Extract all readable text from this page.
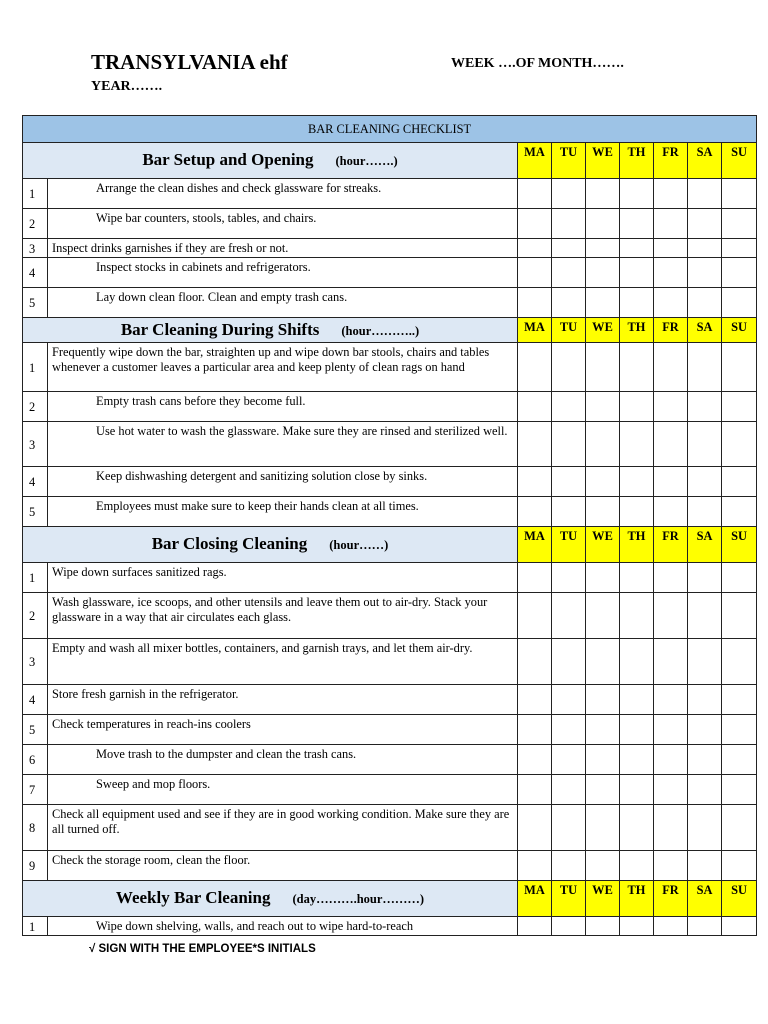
TRANSYLVANIA ehf	WEEK ….OF MONTH…….
YEAR…….
BAR CLEANING CHECKLIST								
Bar Setup and Opening (hour…….)		MA	TU	WE	TH	FR	SA	SU
1	Arrange the clean dishes and check glassware for streaks.							
2	Wipe bar counters, stools, tables, and chairs.							
3	Inspect drinks garnishes if they are fresh or not.							
4	Inspect stocks in cabinets and refrigerators.							
5	Lay down clean floor. Clean and empty trash cans.							
Bar Cleaning During Shifts (hour………..)		MA	TU	WE	TH	FR	SA	SU
1	Frequently wipe down the bar, straighten up and wipe down bar stools, chairs and tables whenever a customer leaves a particular area and keep plenty of clean rags on hand							
2	Empty trash cans before they become full.							
3	Use hot water to wash the glassware. Make sure they are rinsed and sterilized well.							
4	Keep dishwashing detergent and sanitizing solution close by sinks.							
5	Employees must make sure to keep their hands clean at all times.							
Bar Closing Cleaning (hour……)		MA	TU	WE	TH	FR	SA	SU
1	Wipe down surfaces sanitized rags.							
2	Wash glassware, ice scoops, and other utensils and leave them out to air-dry. Stack your glassware in a way that air circulates each glass.							
3	Empty and wash all mixer bottles, containers, and garnish trays, and let them air-dry.							
4	Store fresh garnish in the refrigerator.							
5	Check temperatures in reach-ins coolers							
6	Move trash to the dumpster and clean the trash cans.							
7	Sweep and mop floors.							
8	Check all equipment used and see if they are in good working condition. Make sure they are all turned off.							
9	Check the storage room, clean the floor.							
Weekly Bar Cleaning (day……….hour………)		MA	TU	WE	TH	FR	SA	SU
1	Wipe down shelving, walls, and reach out to wipe hard-to-reach							
√ SIGN WITH THE EMPLOYEE*S INITIALS
